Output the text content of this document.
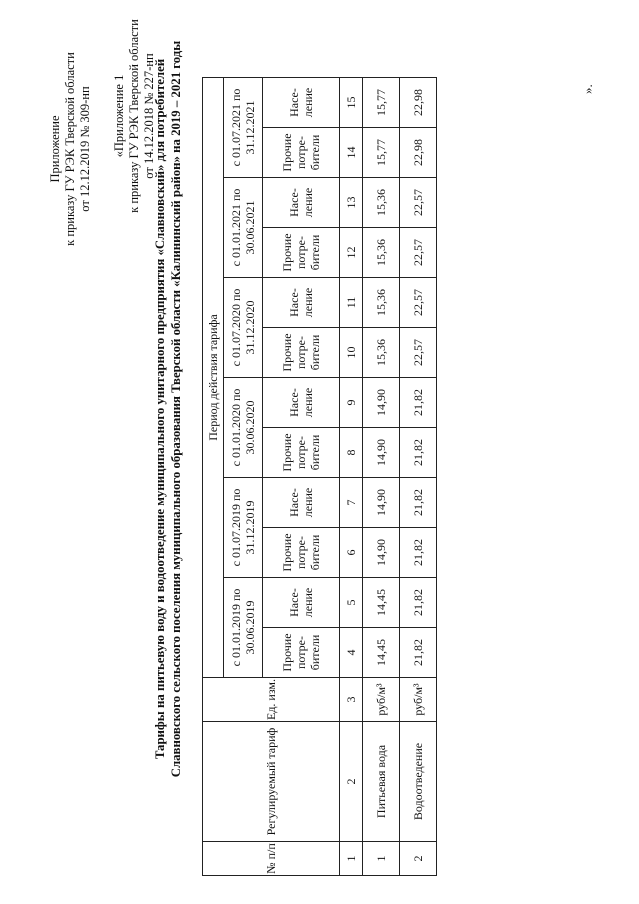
Приложение к приказу ГУ РЭК Тверской области от 12.12.2019 № 309-нп «Приложение 1 к приказу ГУ РЭК Тверской области от 14.12.2018 № 227-нп
Тарифы на питьевую воду и водоотведение муниципального унитарного предприятия «Славновский» для потребителей Славновского сельского поселения муниципального образования Тверской области «Калининский район» на 2019 – 2021 годы
№ п/п	Регулируемый тариф	Ед. изм.	Период действия тарифа											
			с 01.01.2019 по 30.06.2019		с 01.07.2019 по 31.12.2019		с 01.01.2020 по 30.06.2020		с 01.07.2020 по 31.12.2020		с 01.01.2021 по 30.06.2021		с 01.07.2021 по 31.12.2021	
			Прочие потре- бители	Насе- ление	Прочие потре- бители	Насе- ление	Прочие потре- бители	Насе- ление	Прочие потре- бители	Насе- ление	Прочие потре- бители	Насе- ление	Прочие потре- бители	Насе- ление
1	2	3	4	5	6	7	8	9	10	11	12	13	14	15
1	Питьевая вода	руб/м³	14,45	14,45	14,90	14,90	14,90	14,90	15,36	15,36	15,36	15,36	15,77	15,77
2	Водоотведение	руб/м³	21,82	21,82	21,82	21,82	21,82	21,82	22,57	22,57	22,57	22,57	22,98	22,98	».
